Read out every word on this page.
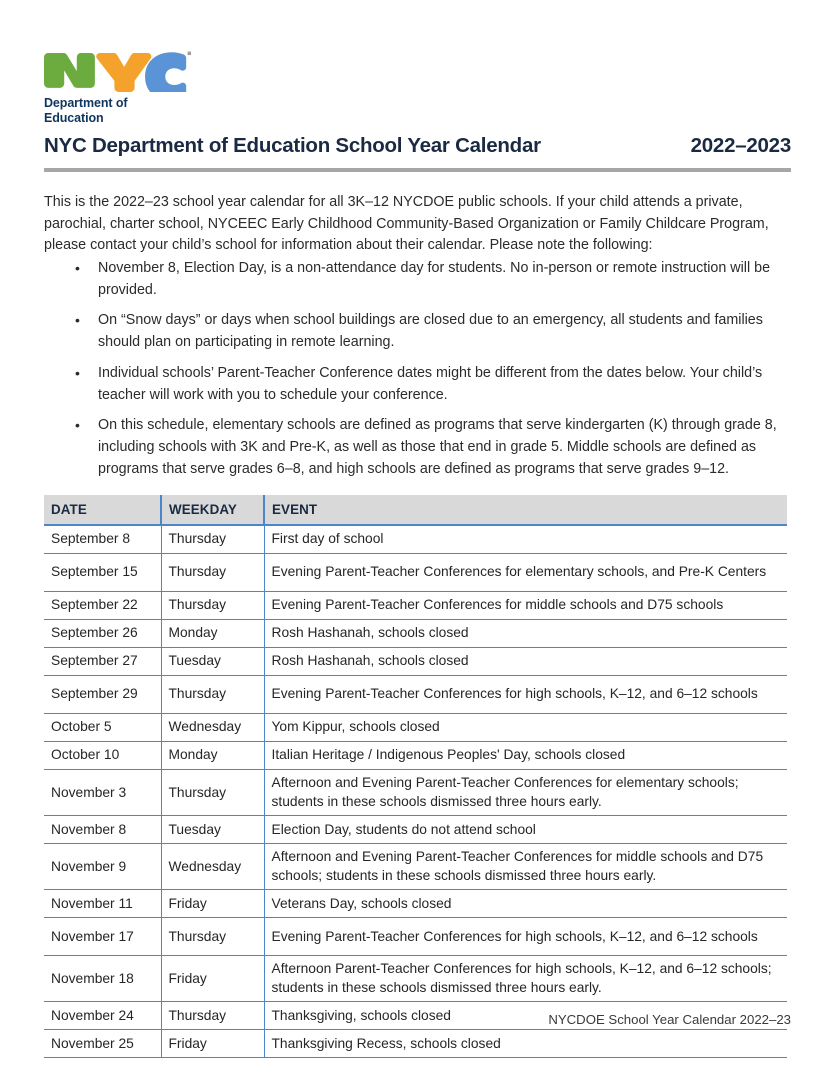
Department of
Education
NYC Department of Education School Year Calendar	2022–2023
This is the 2022–23 school year calendar for all 3K–12 NYCDOE public schools. If your child attends a private, parochial, charter school, NYCEEC Early Childhood Community-Based Organization or Family Childcare Program, please contact your child’s school for information about their calendar. Please note the following:
• November 8, Election Day, is a non-attendance day for students. No in-person or remote instruction will be provided.
• On “Snow days” or days when school buildings are closed due to an emergency, all students and families should plan on participating in remote learning.
• Individual schools’ Parent-Teacher Conference dates might be different from the dates below. Your child’s teacher will work with you to schedule your conference.
• On this schedule, elementary schools are defined as programs that serve kindergarten (K) through grade 8, including schools with 3K and Pre-K, as well as those that end in grade 5. Middle schools are defined as programs that serve grades 6–8, and high schools are defined as programs that serve grades 9–12.
DATE	WEEKDAY	EVENT
September 8	Thursday	First day of school
September 15	Thursday	Evening Parent-Teacher Conferences for elementary schools, and Pre-K Centers
September 22	Thursday	Evening Parent-Teacher Conferences for middle schools and D75 schools
September 26	Monday	Rosh Hashanah, schools closed
September 27	Tuesday	Rosh Hashanah, schools closed
September 29	Thursday	Evening Parent-Teacher Conferences for high schools, K–12, and 6–12 schools
October 5	Wednesday	Yom Kippur, schools closed
October 10	Monday	Italian Heritage / Indigenous Peoples' Day, schools closed
November 3	Thursday	Afternoon and Evening Parent-Teacher Conferences for elementary schools; students in these schools dismissed three hours early.
November 8	Tuesday	Election Day, students do not attend school
November 9	Wednesday	Afternoon and Evening Parent-Teacher Conferences for middle schools and D75 schools; students in these schools dismissed three hours early.
November 11	Friday	Veterans Day, schools closed
November 17	Thursday	Evening Parent-Teacher Conferences for high schools, K–12, and 6–12 schools
November 18	Friday	Afternoon Parent-Teacher Conferences for high schools, K–12, and 6–12 schools; students in these schools dismissed three hours early.
November 24	Thursday	Thanksgiving, schools closed
November 25	Friday	Thanksgiving Recess, schools closed
NYCDOE School Year Calendar 2022–23
